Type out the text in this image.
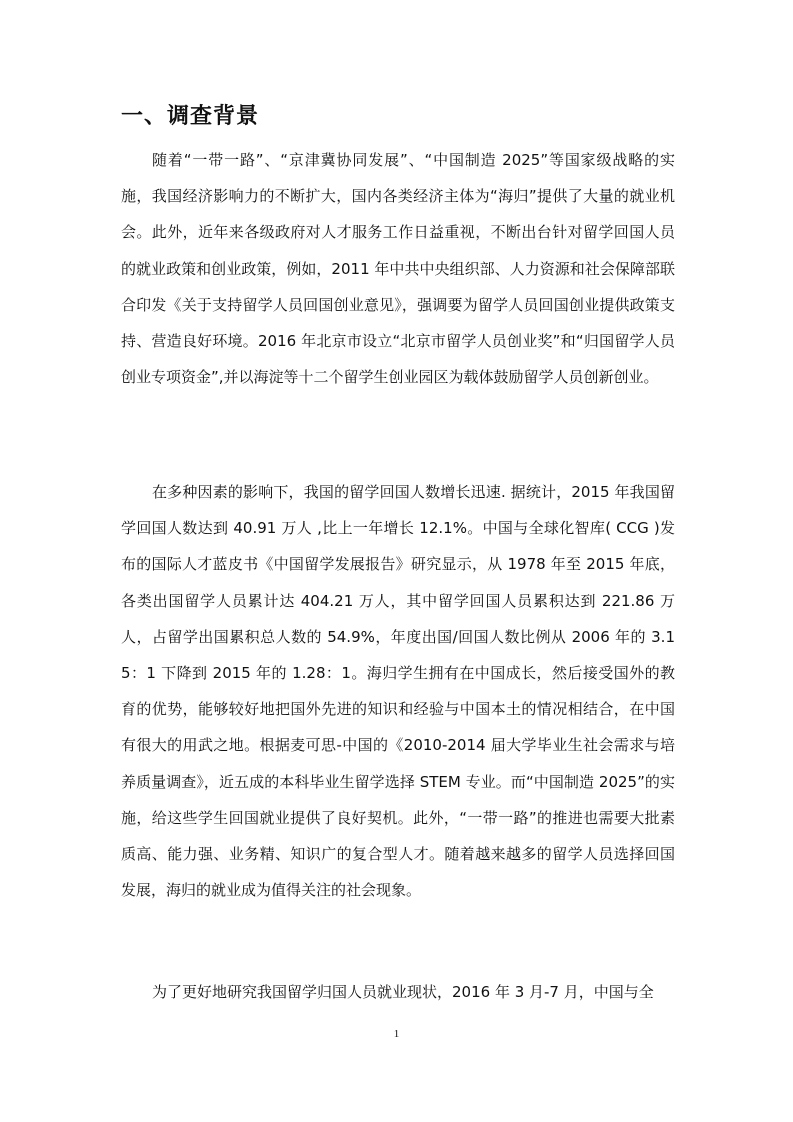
一、调查背景

随着“一带一路”、“京津冀协同发展”、“中国制造 2025”等国家级战略的实施，我国经济影响力的不断扩大，国内各类经济主体为“海归”提供了大量的就业机会。此外，近年来各级政府对人才服务工作日益重视，不断出台针对留学回国人员的就业政策和创业政策，例如，2011 年中共中央组织部、人力资源和社会保障部联合印发《关于支持留学人员回国创业意见》，强调要为留学人员回国创业提供政策支持、营造良好环境。2016 年北京市设立“北京市留学人员创业奖”和“归国留学人员创业专项资金”,并以海淀等十二个留学生创业园区为载体鼓励留学人员创新创业。

在多种因素的影响下，我国的留学回国人数增长迅速. 据统计，2015 年我国留学回国人数达到 40.91 万人 ,比上一年增长 12.1%。中国与全球化智库( CCG )发布的国际人才蓝皮书《中国留学发展报告》研究显示，从 1978 年至 2015 年底，各类出国留学人员累计达 404.21 万人，其中留学回国人员累积达到 221.86 万人，占留学出国累积总人数的 54.9%，年度出国/回国人数比例从 2006 年的 3.15：1 下降到 2015 年的 1.28：1。海归学生拥有在中国成长，然后接受国外的教育的优势，能够较好地把国外先进的知识和经验与中国本土的情况相结合，在中国有很大的用武之地。根据麦可思-中国的《2010-2014 届大学毕业生社会需求与培养质量调查》，近五成的本科毕业生留学选择 STEM 专业。而“中国制造 2025”的实施，给这些学生回国就业提供了良好契机。此外，“一带一路”的推进也需要大批素质高、能力强、业务精、知识广的复合型人才。随着越来越多的留学人员选择回国发展，海归的就业成为值得关注的社会现象。

为了更好地研究我国留学归国人员就业现状，2016 年 3 月-7 月，中国与全

1
